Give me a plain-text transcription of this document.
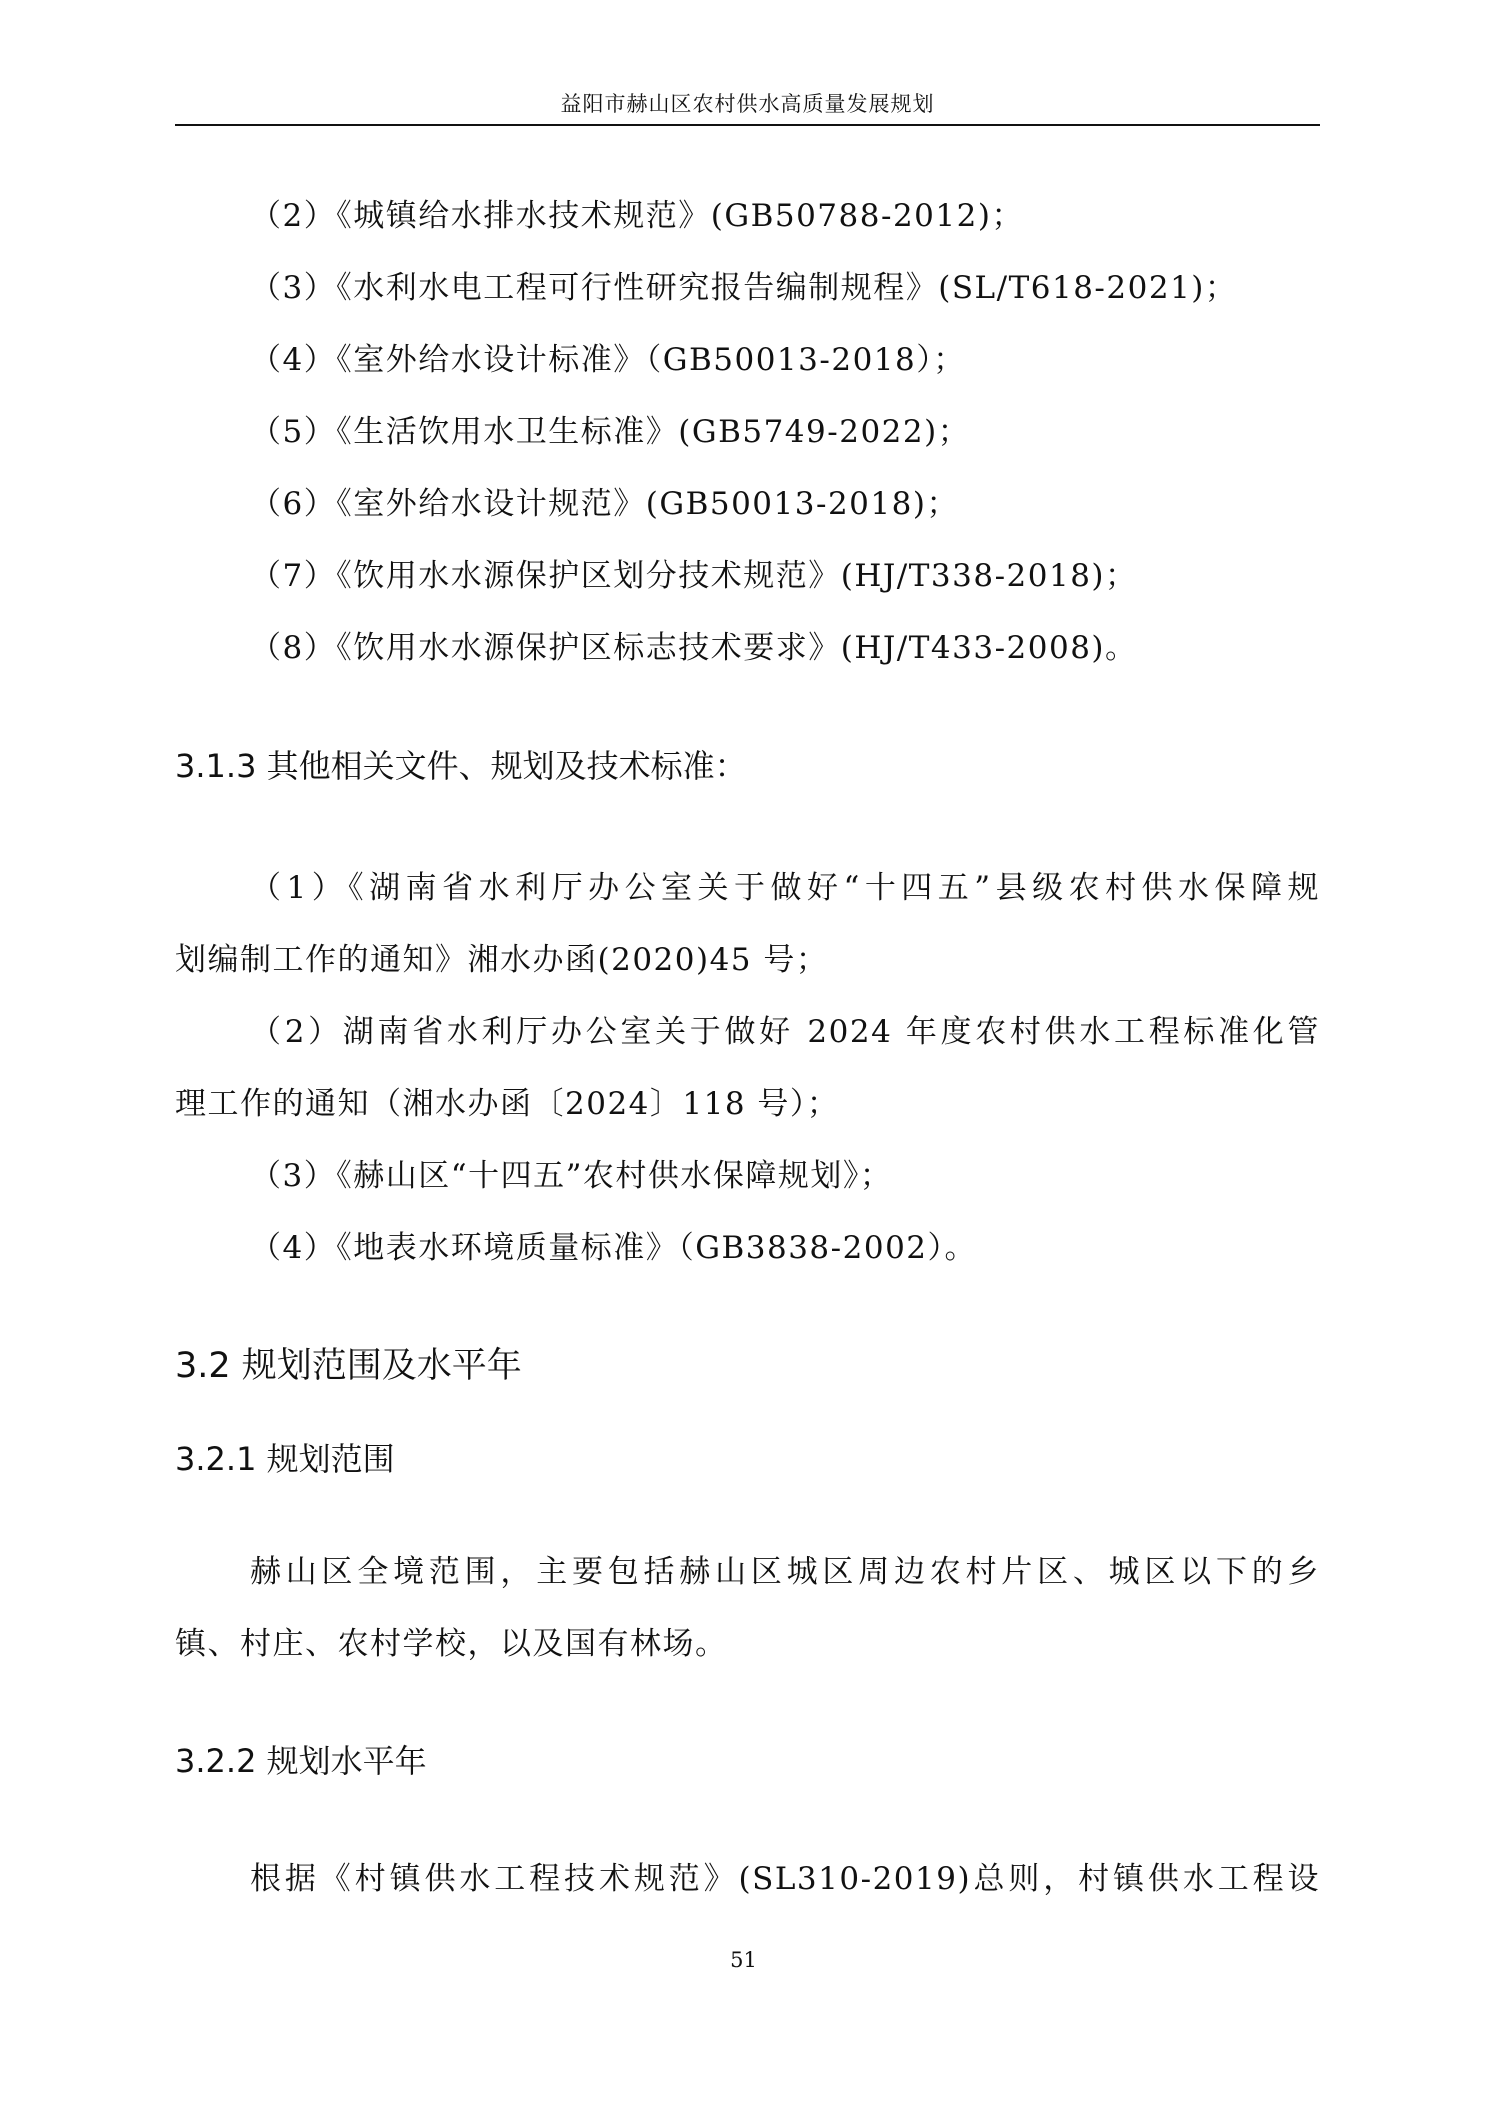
益阳市赫山区农村供水高质量发展规划
（2）《城镇给水排水技术规范》(GB50788-2012)；
（3）《水利水电工程可行性研究报告编制规程》(SL/T618-2021)；
（4）《室外给水设计标准》（GB50013-2018）；
（5）《生活饮用水卫生标准》(GB5749-2022)；
（6）《室外给水设计规范》(GB50013-2018)；
（7）《饮用水水源保护区划分技术规范》(HJ/T338-2018)；
（8）《饮用水水源保护区标志技术要求》(HJ/T433-2008)。
3.1.3 其他相关文件、规划及技术标准：
（1）《湖南省水利厅办公室关于做好“十四五”县级农村供水保障规
划编制工作的通知》湘水办函(2020)45 号；
（2）湖南省水利厅办公室关于做好 2024 年度农村供水工程标准化管
理工作的通知（湘水办函〔2024〕118 号）；
（3）《赫山区“十四五”农村供水保障规划》；
（4）《地表水环境质量标准》（GB3838-2002）。
3.2 规划范围及水平年
3.2.1 规划范围
赫山区全境范围，主要包括赫山区城区周边农村片区、城区以下的乡
镇、村庄、农村学校，以及国有林场。
3.2.2 规划水平年
根据《村镇供水工程技术规范》(SL310-2019)总则，村镇供水工程设
51
